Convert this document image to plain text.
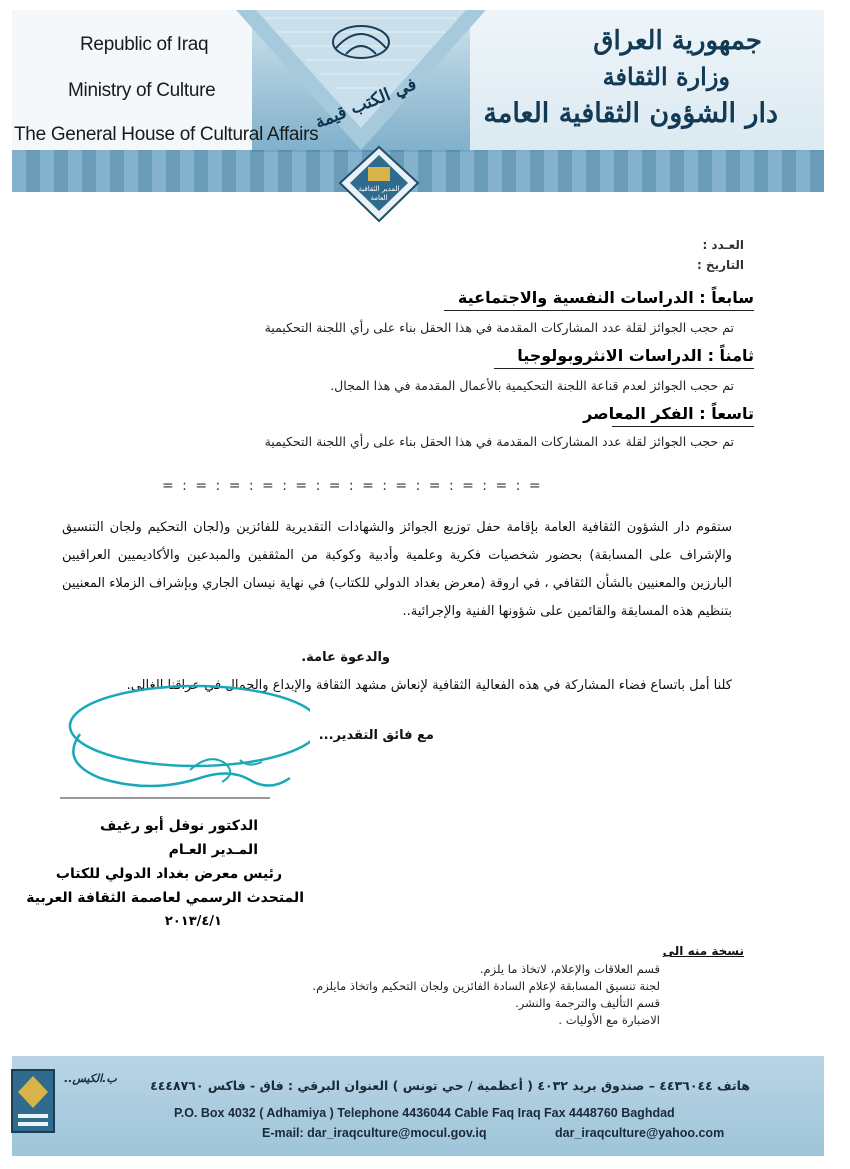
Republic of Iraq
Ministry of Culture
The General House of Cultural Affairs
جمهورية العراق
وزارة الثقافة
دار الشؤون الثقافية العامة
في الكتب قيمة
المدير الثقافية العامة
العـدد :
التاريخ :
سابعاً : الدراسات النفسية والاجتماعية
تم حجب الجوائز لقلة عدد المشاركات المقدمة في هذا الحقل بناء على رأي اللجنة التحكيمية
ثامناً : الدراسات الانثروبولوجيا
تم حجب الجوائز لعدم قناعة اللجنة التحكيمية بالأعمال المقدمة في هذا المجال.
تاسعاً : الفكر المعاصر
تم حجب الجوائز لقلة عدد المشاركات المقدمة في هذا الحقل بناء على رأي اللجنة التحكيمية
= : = : = : = : = : = : = : = : = : = : = : =
ستقوم دار الشؤون الثقافية العامة بإقامة حفل توزيع الجوائز والشهادات التقديرية للفائزين و(لجان التحكيم ولجان التنسيق والإشراف على المسابقة) بحضور شخصيات فكرية وعلمية وأدبية وكوكبة من المثقفين والمبدعين والأكاديميين العراقيين البارزين والمعنيين بالشأن الثقافي ، في اروقة (معرض بغداد الدولي للكتاب) في نهاية نيسان الجاري وبإشراف الزملاء المعنيين بتنظيم هذه المسابقة والقائمين على شؤونها الفنية والإجرائية..
والدعوة عامة.
كلنا أمل باتساع فضاء المشاركة في هذه الفعالية الثقافية لإنعاش مشهد الثقافة والإبداع والجمال في عراقنا الغالي.
مع فائق التقدير...
الدكتور نوفل أبو رغيف
المـدير العـام
رئيس معرض بغداد الدولي للكتاب
المتحدث الرسمي لعاصمة الثقافة العربية
٢٠١٣/٤/١
نسخة منه الى
قسم العلاقات والإعلام، لاتخاذ ما يلزم.
لجنة تنسيق المسابقة لإعلام السادة الفائزين ولجان التحكيم واتخاذ مايلزم.
قسم التأليف والترجمة والنشر.
الاضبارة مع الأوليات .
ب.الكيس..	هاتف ٤٤٣٦٠٤٤ – صندوق بريد ٤٠٣٢ ( أعظمية / حي تونس ) العنوان البرقي : فاق - فاكس ٤٤٤٨٧٦٠
P.O. Box 4032 ( Adhamiya ) Telephone 4436044 Cable Faq Iraq Fax 4448760 Baghdad
E-mail: dar_iraqculture@mocul.gov.iq	dar_iraqculture@yahoo.com
